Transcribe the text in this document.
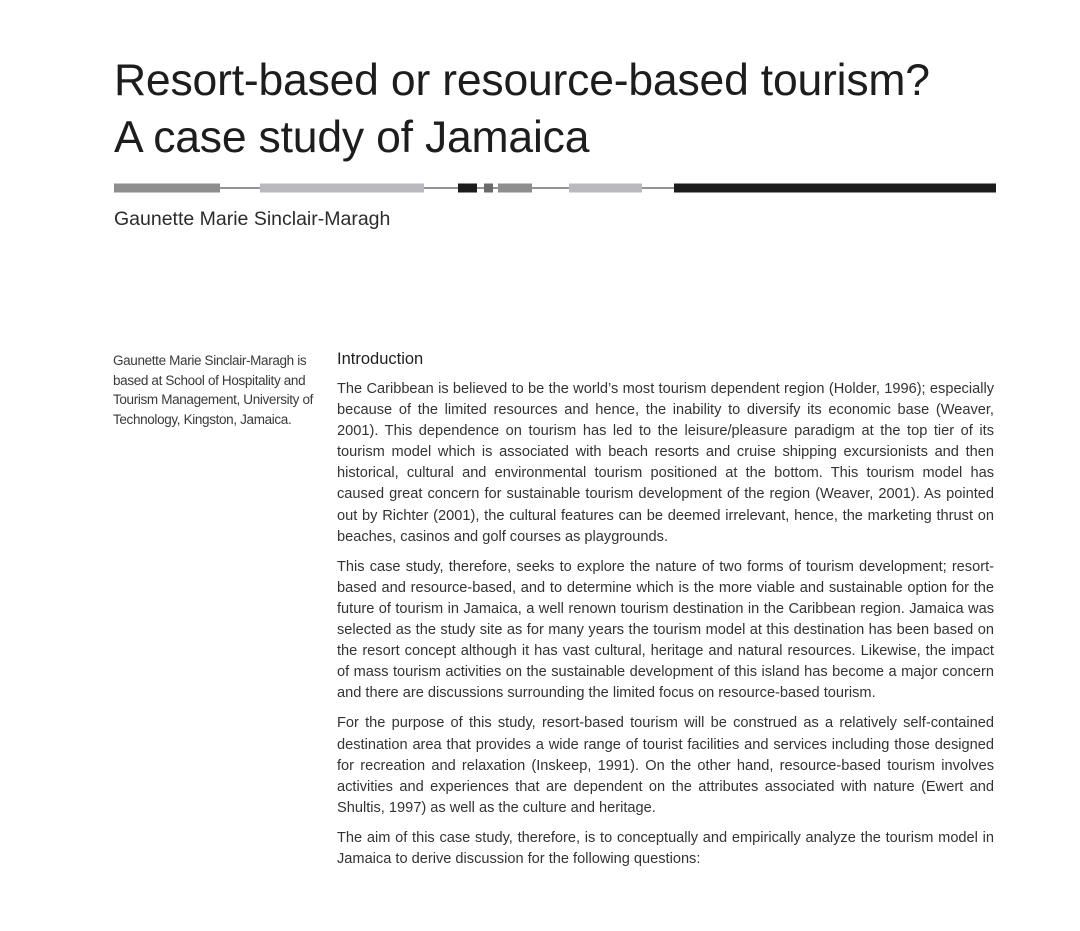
Resort-based or resource-based tourism?
A case study of Jamaica
Gaunette Marie Sinclair-Maragh
Gaunette Marie Sinclair-Maragh is based at School of Hospitality and Tourism Management, University of Technology, Kingston, Jamaica.
Introduction

The Caribbean is believed to be the world’s most tourism dependent region (Holder, 1996); especially because of the limited resources and hence, the inability to diversify its economic base (Weaver, 2001). This dependence on tourism has led to the leisure/pleasure paradigm at the top tier of its tourism model which is associated with beach resorts and cruise shipping excursionists and then historical, cultural and environmental tourism positioned at the bottom. This tourism model has caused great concern for sustainable tourism development of the region (Weaver, 2001). As pointed out by Richter (2001), the cultural features can be deemed irrelevant, hence, the marketing thrust on beaches, casinos and golf courses as playgrounds.

This case study, therefore, seeks to explore the nature of two forms of tourism development; resort-based and resource-based, and to determine which is the more viable and sustainable option for the future of tourism in Jamaica, a well renown tourism destination in the Caribbean region. Jamaica was selected as the study site as for many years the tourism model at this destination has been based on the resort concept although it has vast cultural, heritage and natural resources. Likewise, the impact of mass tourism activities on the sustainable development of this island has become a major concern and there are discussions surrounding the limited focus on resource-based tourism.

For the purpose of this study, resort-based tourism will be construed as a relatively self-contained destination area that provides a wide range of tourist facilities and services including those designed for recreation and relaxation (Inskeep, 1991). On the other hand, resource-based tourism involves activities and experiences that are dependent on the attributes associated with nature (Ewert and Shultis, 1997) as well as the culture and heritage.

The aim of this case study, therefore, is to conceptually and empirically analyze the tourism model in Jamaica to derive discussion for the following questions:
